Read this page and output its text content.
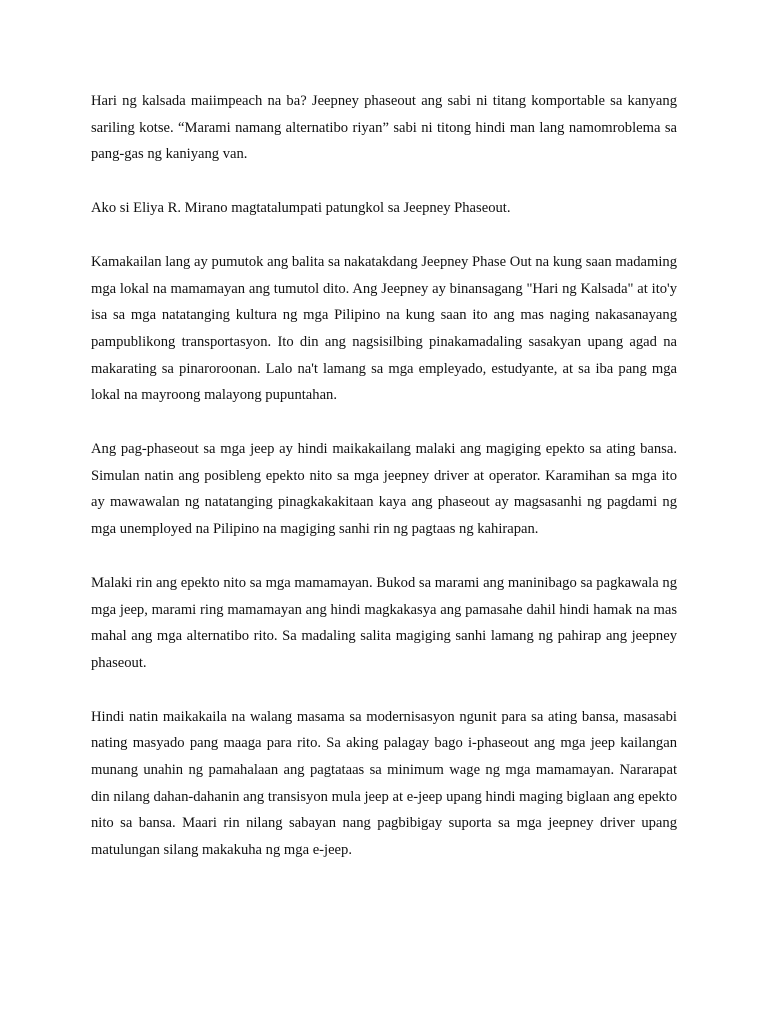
Hari ng kalsada maiimpeach na ba? Jeepney phaseout ang sabi ni titang komportable sa kanyang sariling kotse. “Marami namang alternatibo riyan” sabi ni titong hindi man lang namomroblema sa pang-gas ng kaniyang van.

Ako si Eliya R. Mirano magtatalumpati patungkol sa Jeepney Phaseout.

Kamakailan lang ay pumutok ang balita sa nakatakdang Jeepney Phase Out na kung saan madaming mga lokal na mamamayan ang tumutol dito. Ang Jeepney ay binansagang "Hari ng Kalsada" at ito'y isa sa mga natatanging kultura ng mga Pilipino na kung saan ito ang mas naging nakasanayang pampublikong transportasyon. Ito din ang nagsisilbing pinakamadaling sasakyan upang agad na makarating sa pinaroroonan. Lalo na't lamang sa mga empleyado, estudyante, at sa iba pang mga lokal na mayroong malayong pupuntahan.

Ang pag-phaseout sa mga jeep ay hindi maikakailang malaki ang magiging epekto sa ating bansa. Simulan natin ang posibleng epekto nito sa mga jeepney driver at operator. Karamihan sa mga ito ay mawawalan ng natatanging pinagkakakitaan kaya ang phaseout ay magsasanhi ng pagdami ng mga unemployed na Pilipino na magiging sanhi rin ng pagtaas ng kahirapan.

Malaki rin ang epekto nito sa mga mamamayan. Bukod sa marami ang maninibago sa pagkawala ng mga jeep, marami ring mamamayan ang hindi magkakasya ang pamasahe dahil hindi hamak na mas mahal ang mga alternatibo rito. Sa madaling salita magiging sanhi lamang ng pahirap ang jeepney phaseout.

Hindi natin maikakaila na walang masama sa modernisasyon ngunit para sa ating bansa, masasabi nating masyado pang maaga para rito. Sa aking palagay bago i-phaseout ang mga jeep kailangan munang unahin ng pamahalaan ang pagtataas sa minimum wage ng mga mamamayan. Nararapat din nilang dahan-dahanin ang transisyon mula jeep at e-jeep upang hindi maging biglaan ang epekto nito sa bansa. Maari rin nilang sabayan nang pagbibigay suporta sa mga jeepney driver upang matulungan silang makakuha ng mga e-jeep.
